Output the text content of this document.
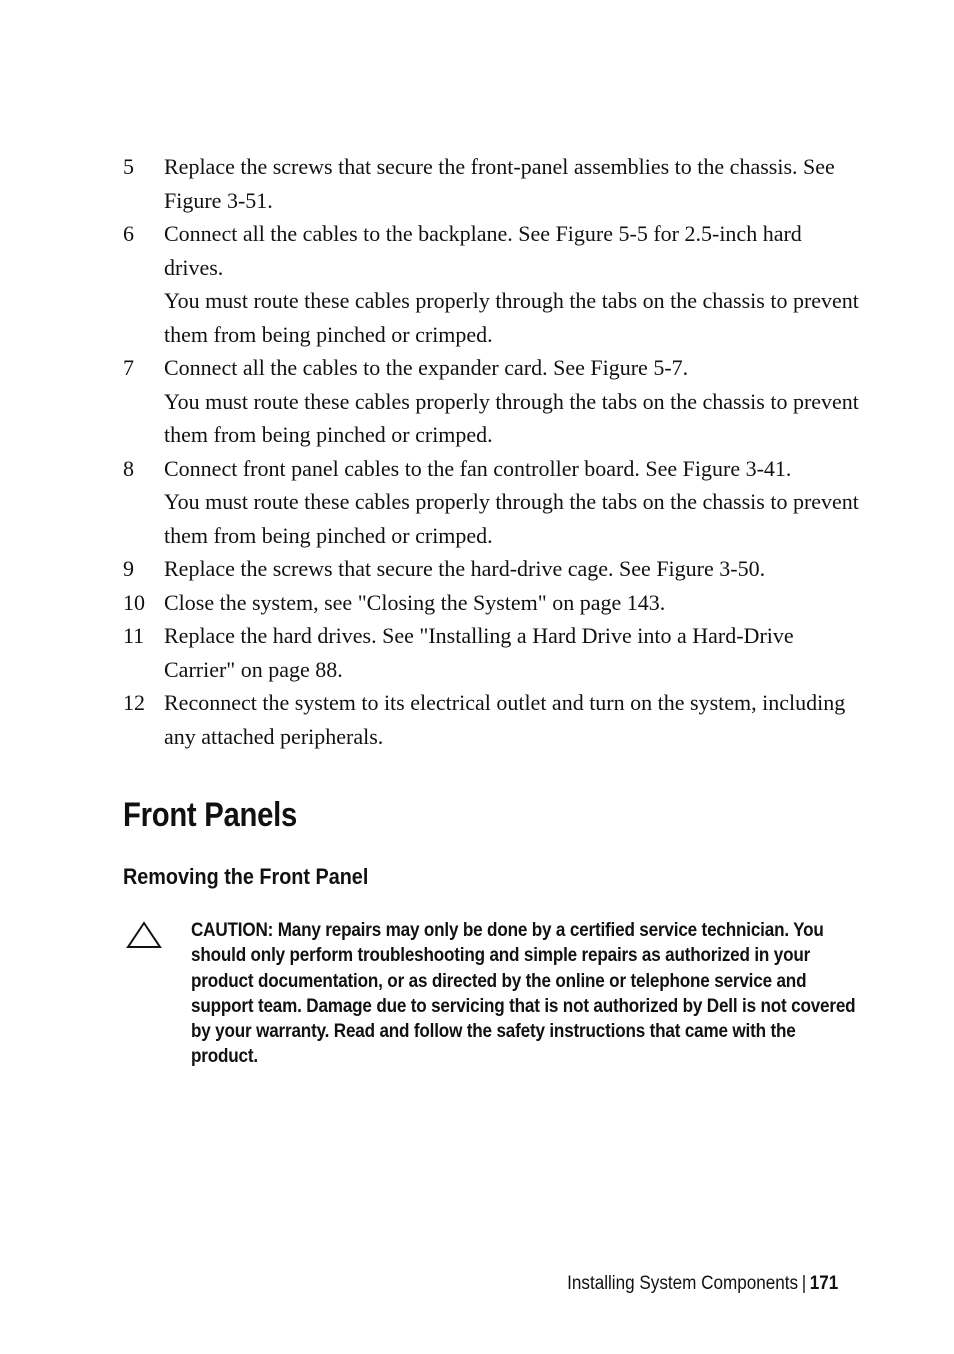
5	Replace the screws that secure the front-panel assemblies to the chassis. See Figure 3-51.

6	Connect all the cables to the backplane. See Figure 5-5 for 2.5-inch hard drives.

You must route these cables properly through the tabs on the chassis to prevent them from being pinched or crimped.

7	Connect all the cables to the expander card. See Figure 5-7.

You must route these cables properly through the tabs on the chassis to prevent them from being pinched or crimped.

8	Connect front panel cables to the fan controller board. See Figure 3-41.

You must route these cables properly through the tabs on the chassis to prevent them from being pinched or crimped.

9	Replace the screws that secure the hard-drive cage. See Figure 3-50.

10 Close the system, see "Closing the System" on page 143.

11 Replace the hard drives. See "Installing a Hard Drive into a Hard-Drive Carrier" on page 88.

12 Reconnect the system to its electrical outlet and turn on the system, including any attached peripherals.

Front Panels
Removing the Front Panel

CAUTION: Many repairs may only be done by a certified service technician. You should only perform troubleshooting and simple repairs as authorized in your product documentation, or as directed by the online or telephone service and support team. Damage due to servicing that is not authorized by Dell is not covered by your warranty. Read and follow the safety instructions that came with the product.

Installing System Components | 171
